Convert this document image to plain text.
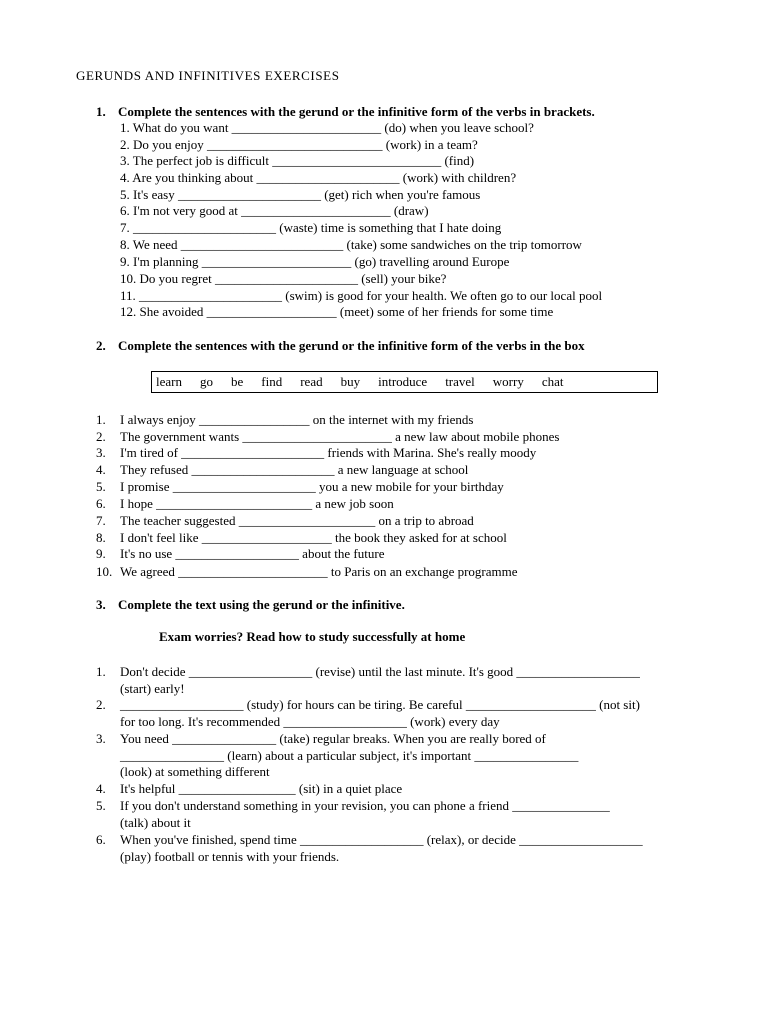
GERUNDS AND INFINITIVES EXERCISES
1. Complete the sentences with the gerund or the infinitive form of the verbs in brackets.
1. What do you want _______________________ (do) when you leave school?
2. Do you enjoy ___________________________ (work) in a team?
3. The perfect job is difficult __________________________ (find)
4. Are you thinking about ______________________ (work) with children?
5. It's easy ______________________ (get) rich when you're famous
6. I'm not very good at _______________________ (draw)
7. ______________________ (waste) time is something that I hate doing
8. We need _________________________ (take) some sandwiches on the trip tomorrow
9. I'm planning _______________________ (go) travelling around Europe
10. Do you regret ______________________ (sell) your bike?
11. ______________________ (swim) is good for your health. We often go to our local pool
12. She avoided ____________________ (meet) some of her friends for some time
2. Complete the sentences with the gerund or the infinitive form of the verbs in the box
learn go be find read buy introduce travel worry chat
1. I always enjoy _________________ on the internet with my friends
2. The government wants _______________________ a new law about mobile phones
3. I'm tired of ______________________ friends with Marina. She's really moody
4. They refused ______________________ a new language at school
5. I promise ______________________ you a new mobile for your birthday
6. I hope ________________________ a new job soon
7. The teacher suggested _____________________ on a trip to abroad
8. I don't feel like ____________________ the book they asked for at school
9. It's no use ___________________ about the future
10. We agreed _______________________ to Paris on an exchange programme
3. Complete the text using the gerund or the infinitive.
Exam worries? Read how to study successfully at home
1. Don't decide ___________________ (revise) until the last minute. It's good ___________________
(start) early!
2. ___________________ (study) for hours can be tiring. Be careful ____________________ (not sit)
for too long. It's recommended ___________________ (work) every day
3. You need ________________ (take) regular breaks. When you are really bored of
________________ (learn) about a particular subject, it's important ________________
(look) at something different
4. It's helpful __________________ (sit) in a quiet place
5. If you don't understand something in your revision, you can phone a friend _______________
(talk) about it
6. When you've finished, spend time ___________________ (relax), or decide ___________________
(play) football or tennis with your friends.
